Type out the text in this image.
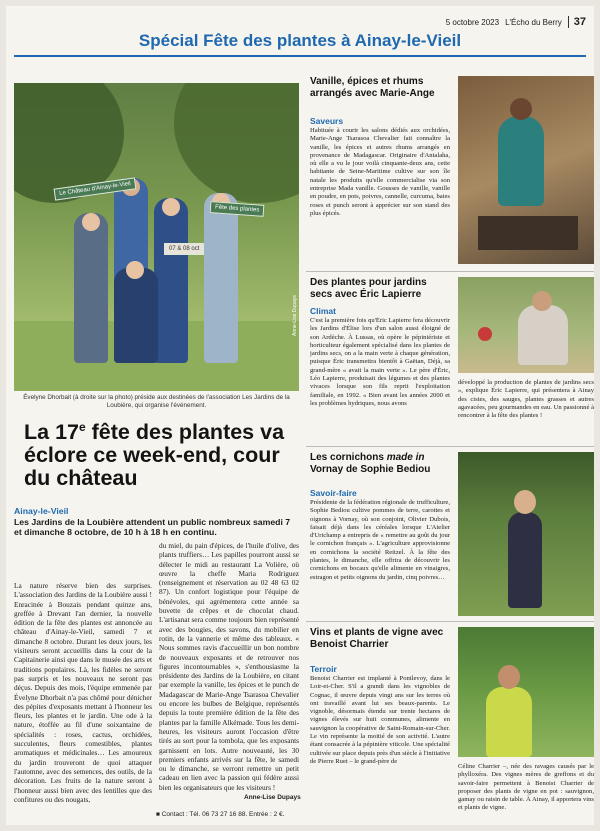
5 octobre 2023 L'Écho du Berry	37
Spécial Fête des plantes à Ainay-le-Vieil
Le Château d'Ainay-le-Vieil
07 & 08 oct
Fête des plantes
Anne-Lise Dupays
Évelyne Dhorbait (à droite sur la photo) préside aux destinées de l'association Les Jardins de la Loubière, qui organise l'événement.
La 17e fête des plantes va éclore ce week-end, cour du château
Ainay-le-Vieil
Les Jardins de la Loubière attendent un public nombreux samedi 7 et dimanche 8 octobre, de 10 h à 18 h en continu.
La nature réserve bien des surprises. L'association des Jardins de la Loubière aussi ! Enracinée à Bouzais pendant quinze ans, greffée à Drevant l'an dernier, la nouvelle édition de la fête des plantes est annoncée au château d'Ainay-le-Vieil, samedi 7 et dimanche 8 octobre. Durant les deux jours, les visiteurs seront accueillis dans la cour de la Capitainerie ainsi que dans le musée des arts et traditions populaires. Là, les fidèles ne seront pas surpris et les nouveaux ne seront pas déçus. Depuis des mois, l'équipe emmenée par Évelyne Dhorbait n'a pas chômé pour dénicher des pépites d'exposants mettant à l'honneur les fleurs, les plantes et le jardin. Une ode à la nature, étoffée au fil d'une soixantaine de spécialités : roses, cactus, orchidées, succulentes, fleurs comestibles, plantes aromatiques et médicinales… Les amoureux du jardin trouveront de quoi attaquer l'automne, avec des semences, des outils, de la décoration. Les fruits de la nature seront à l'honneur aussi bien avec des lentilles que des confitures ou des nougats,
du miel, du pain d'épices, de l'huile d'olive, des plants truffiers… Les papilles pourront aussi se délecter le midi au restaurant La Volière, où œuvre la cheffe Maria Rodriguez (renseignement et réservation au 02 48 63 02 87). Un confort logistique pour l'équipe de bénévoles, qui agrémentera cette année sa buvette de crêpes et de chocolat chaud. L'artisanat sera comme toujours bien représenté avec des bougies, des savons, du mobilier en rotin, de la vannerie et même des tableaux. « Nous sommes ravis d'accueillir un bon nombre de nouveaux exposants et de retrouver nos figures incontournables », s'enthousiasme la présidente des Jardins de la Loubière, en citant par exemple la vanille, les épices et le punch de Madagascar de Marie-Ange Tsarasoa Chevalier ou encore les bulbes de Belgique, représentés depuis la toute première édition de la fête des plantes par la famille Alkémade. Tous les demi-heures, les visiteurs auront l'occasion d'être tirés au sort pour la tombola, que les exposants garnissent en lots. Autre nouveauté, les 30 premiers enfants arrivés sur la fête, le samedi ou le dimanche, se verront remettre un petit cadeau en lien avec la passion qui fédère aussi bien les organisateurs que les visiteurs !
Anne-Lise Dupays
■ Contact : Tél. 06 73 27 16 88. Entrée : 2 €.
Vanille, épices et rhums arrangés avec Marie-Ange
Saveurs
Habituée à courir les salons dédiés aux orchidées, Marie-Ange Tsarasoa Chevalier fait connaître la vanille, les épices et autres rhums arrangés en provenance de Madagascar. Originaire d'Antalaha, où elle a vu le jour voilà cinquante-deux ans, cette habitante de Seine-Maritime cultive sur son île natale les produits qu'elle commercialise via son entreprise Mada vanille. Gousses de vanille, vanille en poudre, en pots, poivres, cannelle, curcuma, baies roses et punch seront à apprécier sur son stand des plus épicés.
Des plantes pour jardins secs avec Éric Lapierre
Climat
C'est la première fois qu'Éric Lapierre fera découvrir les Jardins d'Élise lors d'un salon aussi éloigné de son Ardèche. À Lussas, où opère le pépiniériste et horticulteur également spécialisé dans les plantes de jardins secs, on a la main verte à chaque génération, puisque Éric transmettra bientôt à Gaëtan, Déjà, sa grand-mère « avait la main verte ». Le père d'Éric, Léo Lapierre, produisait des légumes et des plantes vivaces lorsque son fils reprit l'exploitation familiale, en 1992. « Bien avant les années 2000 et les problèmes hydriques, nous avons
développé la production de plantes de jardins secs », explique Éric Lapierre, qui présentera à Ainay des cistes, des sauges, plantes grasses et autres agavacées, peu gourmandes en eau. Un passionné à rencontrer à la fête des plantes !
Les cornichons made in Vornay de Sophie Bediou
Savoir-faire
Présidente de la fédération régionale de trufficulture, Sophie Bediou cultive pommes de terre, carottes et oignons à Vornay, où son conjoint, Olivier Dubois, faisait déjà dans les céréales lorsque L'Atelier d'Urichamp a entrepris de « remettre au goût du jour le cornichon français ». L'agriculture approvisionne en cornichons la société Reitzel. À la fête des plantes, le dimanche, elle offrira de découvrir les cornichons en bocaux qu'elle alimente en vinaigres, estragon et petits oignons du jardin, cinq poivres…
Vins et plants de vigne avec Benoist Charrier
Terroir
Benoist Charrier est implanté à Pontlevoy, dans le Loir-et-Cher. S'il a grandi dans les vignobles de Cognac, il œuvre depuis vingt ans sur les terres où ont travaillé avant lui ses beaux-parents. Le vignoble, désormais étendu sur trente hectares de vignes élevés sur huit communes, alimente en sauvignon la coopérative de Saint-Romain-sur-Cher. Le vin représente la moitié de son activité. L'autre étant consacrée à la pépinière viticole. Une spécialité cultivée sur place depuis près d'un siècle à l'initiative de Pierre Ruet – le grand-père de
Céline Charrier –, née des ravages causés par le phylloxéra. Des vignes mères de greffons et du savoir-faire permettent à Benoist Charrier de proposer des plants de vigne en pot : sauvignon, gamay ou raisin de table. À Ainay, il apportera vins et plants de vigne.
